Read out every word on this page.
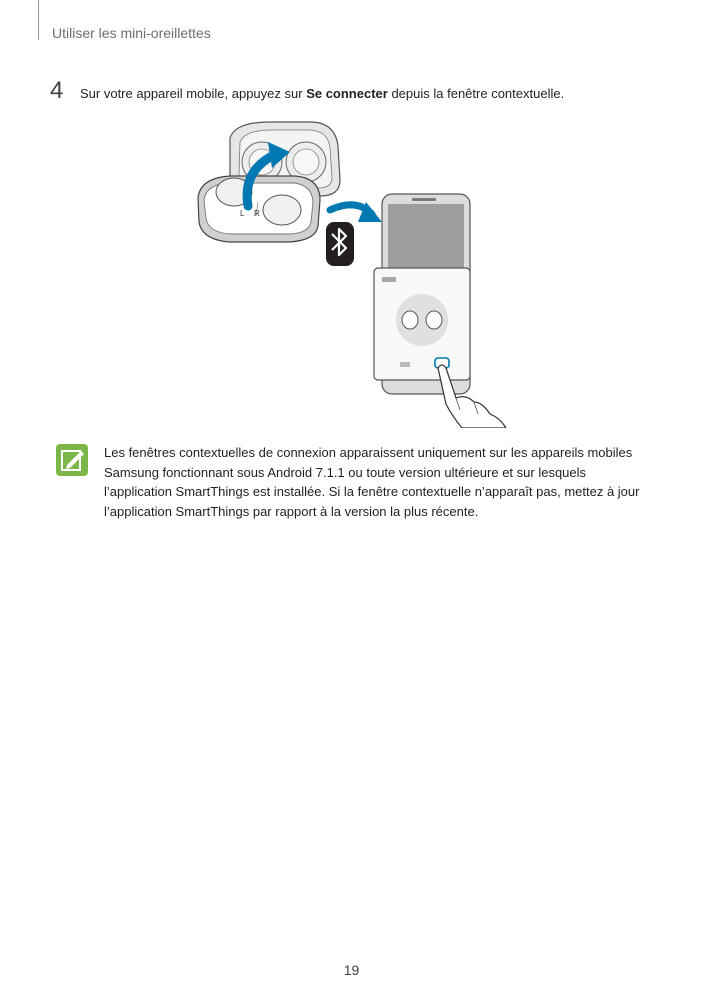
Utiliser les mini-oreillettes
4 Sur votre appareil mobile, appuyez sur Se connecter depuis la fenêtre contextuelle.
L R

Les fenêtres contextuelles de connexion apparaissent uniquement sur les appareils mobiles

Samsung fonctionnant sous Android 7.1.1 ou toute version ultérieure et sur lesquels

l’application SmartThings est installée. Si la fenêtre contextuelle n’apparaît pas, mettez à jour

l’application SmartThings par rapport à la version la plus récente.

19
